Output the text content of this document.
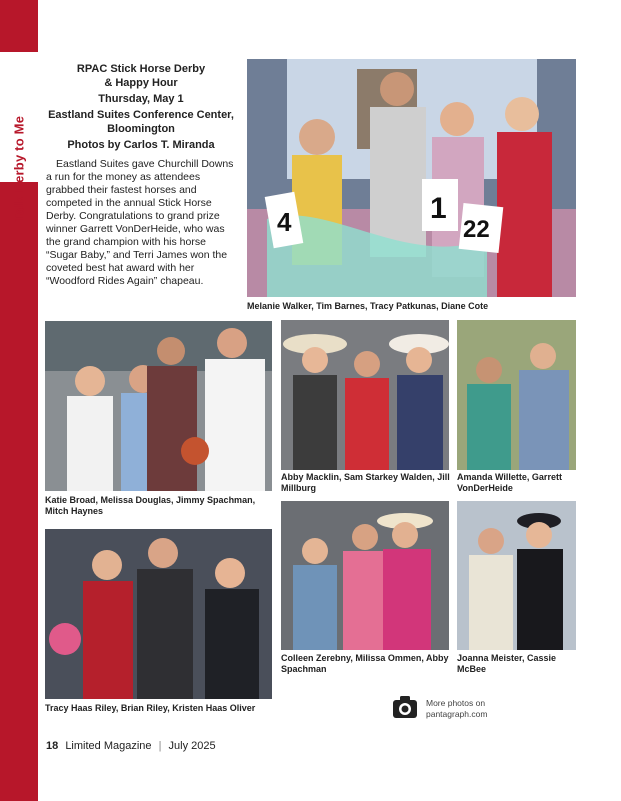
Talk Derby to Me
RPAC Stick Horse Derby
& Happy Hour
Thursday, May 1
Eastland Suites Conference Center, Bloomington
Photos by Carlos T. Miranda
Eastland Suites gave Churchill Downs a run for the money as attendees grabbed their fastest horses and competed in the annual Stick Horse Derby. Congratulations to grand prize winner Garrett VonDerHeide, who was the grand champion with his horse “Sugar Baby,” and Terri James won the coveted best hat award with her “Woodford Rides Again” chapeau.
4	1
22
Melanie Walker, Tim Barnes, Tracy Patkunas, Diane Cote
Katie Broad, Melissa Douglas, Jimmy Spachman, Mitch Haynes
Abby Macklin, Sam Starkey Walden, Jill Millburg
Amanda Willette, Garrett VonDerHeide
Tracy Haas Riley, Brian Riley, Kristen Haas Oliver
Colleen Zerebny, Milissa Ommen, Abby Spachman
Joanna Meister, Cassie McBee
More photos on
pantagraph.com
18 Limited Magazine | July 2025
